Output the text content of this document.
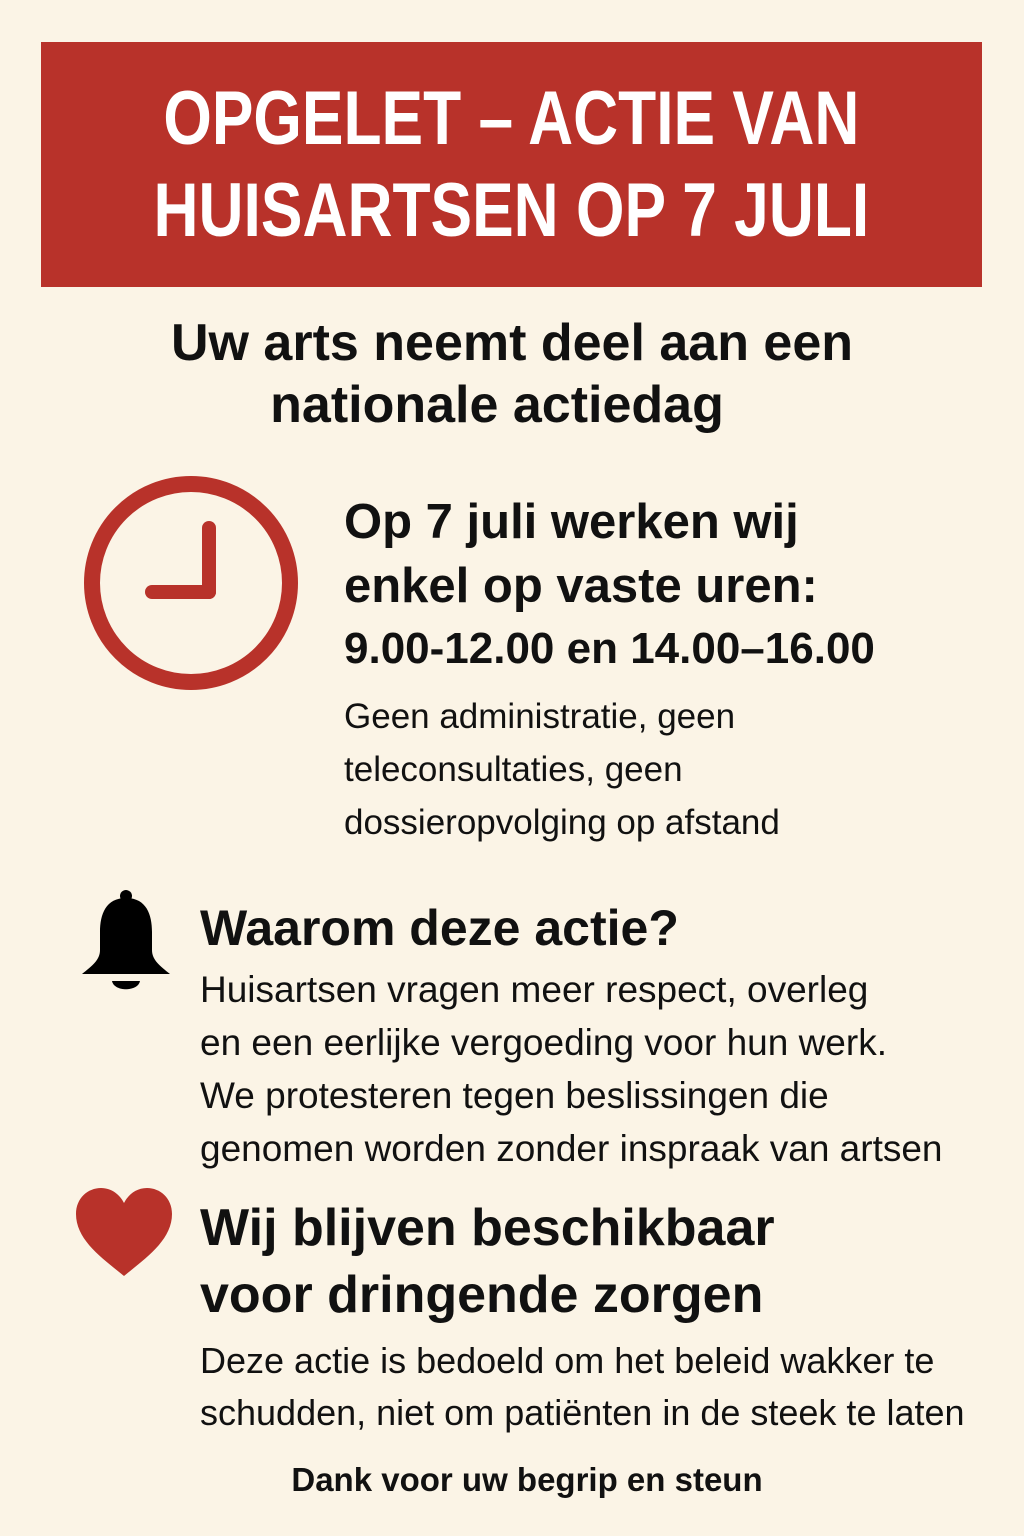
OPGELET – ACTIE VAN
HUISARTSEN OP 7 JULI
Uw arts neemt deel aan een
nationale actiedag
Op 7 juli werken wij
enkel op vaste uren:
9.00-12.00 en 14.00–16.00
Geen administratie, geen
teleconsultaties, geen
dossieropvolging op afstand
Waarom deze actie?
Huisartsen vragen meer respect, overleg
en een eerlijke vergoeding voor hun werk.
We protesteren tegen beslissingen die
genomen worden zonder inspraak van artsen
Wij blijven beschikbaar
voor dringende zorgen
Deze actie is bedoeld om het beleid wakker te
schudden, niet om patiënten in de steek te laten
Dank voor uw begrip en steun
